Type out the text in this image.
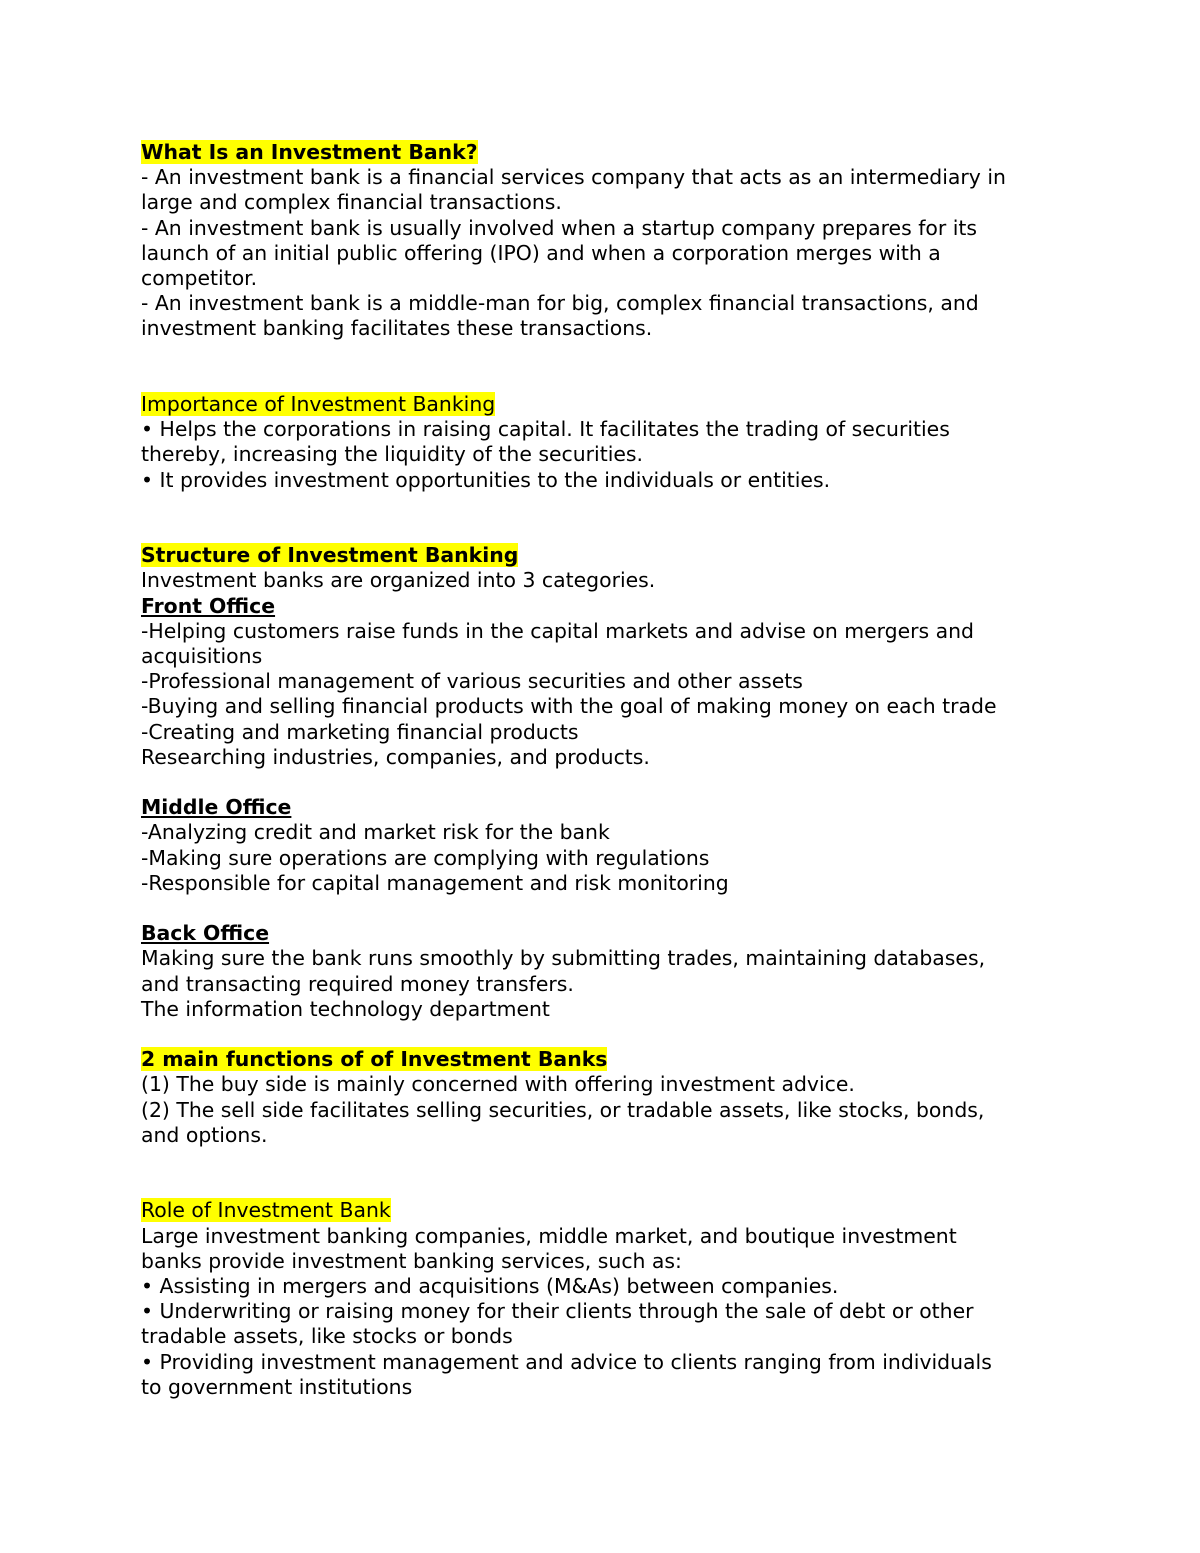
What Is an Investment Bank?
- An investment bank is a financial services company that acts as an intermediary in
large and complex financial transactions.
- An investment bank is usually involved when a startup company prepares for its
launch of an initial public offering (IPO) and when a corporation merges with a
competitor.
- An investment bank is a middle-man for big, complex financial transactions, and
investment banking facilitates these transactions.
Importance of Investment Banking
• Helps the corporations in raising capital. It facilitates the trading of securities
thereby, increasing the liquidity of the securities.
• It provides investment opportunities to the individuals or entities.
Structure of Investment Banking
Investment banks are organized into 3 categories.
Front Office
-Helping customers raise funds in the capital markets and advise on mergers and
acquisitions
-Professional management of various securities and other assets
-Buying and selling financial products with the goal of making money on each trade
-Creating and marketing financial products
Researching industries, companies, and products.
Middle Office
-Analyzing credit and market risk for the bank
-Making sure operations are complying with regulations
-Responsible for capital management and risk monitoring
Back Office
Making sure the bank runs smoothly by submitting trades, maintaining databases,
and transacting required money transfers.
The information technology department
2 main functions of of Investment Banks
(1) The buy side is mainly concerned with offering investment advice.
(2) The sell side facilitates selling securities, or tradable assets, like stocks, bonds,
and options.
Role of Investment Bank
Large investment banking companies, middle market, and boutique investment
banks provide investment banking services, such as:
• Assisting in mergers and acquisitions (M&As) between companies.
• Underwriting or raising money for their clients through the sale of debt or other
tradable assets, like stocks or bonds
• Providing investment management and advice to clients ranging from individuals
to government institutions
